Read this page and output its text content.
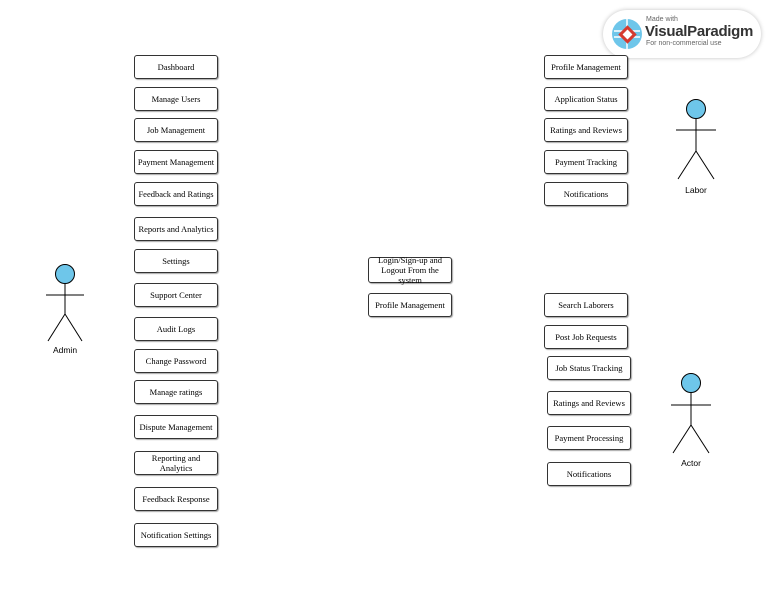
Made with
VisualParadigm
For non-commercial use
Admin
Labor
Actor
Dashboard
Manage Users
Job Management
Payment Management
Feedback and Ratings
Reports and Analytics
Settings
Support Center
Audit Logs
Change Password
Manage ratings
Dispute Management
Reporting and Analytics
Feedback Response
Notification Settings
Login/Sign-up and Logout From the system
Profile Management
Profile Management
Application Status
Ratings and Reviews
Payment Tracking
Notifications
Search Laborers
Post Job Requests
Job Status Tracking
Ratings and Reviews
Payment Processing
Notifications
